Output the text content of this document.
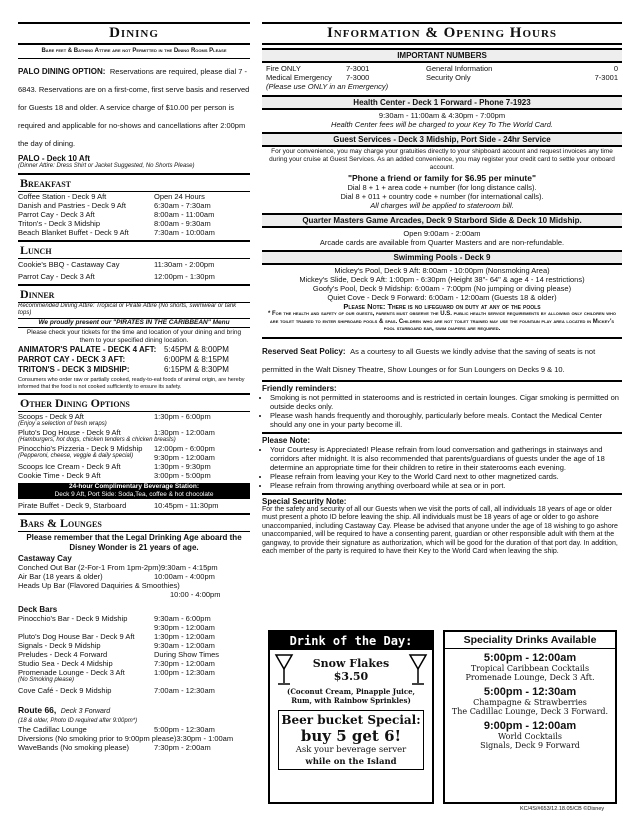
Dining
Bare feet & Bathing Attire are not Permitted in the Dining Rooms Please
PALO DINING OPTION: Reservations are required, please dial 7 - 6843. Reservations are on a first-come, first serve basis and reserved for Guests 18 and older. A service charge of $10.00 per person is required and applicable for no-shows and cancellations after 2:00pm the day of dining.
PALO - Deck 10 Aft
(Dinner Attire: Dress Shirt or Jacket Suggested, No Shorts Please)
Breakfast
Coffee Station - Deck 9 Aft	Open 24 Hours
Danish and Pastries - Deck 9 Aft	6:30am - 7:30am
Parrot Cay - Deck 3 Aft	8:00am - 11:00am
Triton's - Deck 3 Midship	8:00am - 9:30am
Beach Blanket Buffet - Deck 9 Aft	7:30am - 10:00am
Lunch
Cookie's BBQ - Castaway Cay	11:30am - 2:00pm
Parrot Cay - Deck 3 Aft	12:00pm - 1:30pm
Dinner
Recommended Dining Attire: Tropical or Pirate Attire (No shorts, swimwear or tank tops)
We proudly present our "PIRATES IN THE CARIBBEAN" Menu
Please check your tickets for the time and location of your dining and bring them to your specified dining location.
ANIMATOR'S PALATE - DECK 4 AFT: 5:45PM & 8:00PM
PARROT CAY - DECK 3 AFT:	6:00PM & 8:15PM
TRITON'S - DECK 3 MIDSHIP:	6:15PM & 8:30PM
Consumers who order raw or partially cooked, ready-to-eat foods of animal origin, are hereby informed that the food is not cooked sufficiently to ensure its safety.
Other Dining Options
Scoops - Deck 9 Aft	1:30pm - 6:00pm
(Enjoy a selection of fresh wraps)
Pluto's Dog House - Deck 9 Aft	1:30pm - 12:00am
(Hamburgers, hot dogs, chicken tenders & chicken breasts)
Pinocchio's Pizzeria - Deck 9 Midship	12:00pm - 6:00pm
(Pepperoni, cheese, veggie & daily special)	9:30pm - 12:00am
Scoops Ice Cream - Deck 9 Aft	1:30pm - 9:30pm
Cookie Time - Deck 9 Aft	3:00pm - 5:00pm
24-hour Complimentary Beverage Station:
Deck 9 Aft, Port Side: Soda,Tea, coffee & hot chocolate
Pirate Buffet - Deck 9, Starboard	10:45pm - 11:30pm
Bars & Lounges
Please remember that the Legal Drinking Age aboard the Disney Wonder is 21 years of age.
Castaway Cay
Conched Out Bar (2-For-1 From 1pm-2pm) 9:30am - 4:15pm
Air Bar (18 years & older)	10:00am - 4:00pm
Heads Up Bar (Flavored Daquiries & Smoothies)
10:00 - 4:00pm
Deck Bars
Pinocchio's Bar - Deck 9 Midship	9:30am - 6:00pm
9:30pm - 12:00am
Pluto's Dog House Bar - Deck 9 Aft	1:30pm - 12:00am
Signals - Deck 9 Midship	9:30am - 12:00am
Preludes - Deck 4 Forward	During Show Times
Studio Sea - Deck 4 Midship	7:30pm - 12:00am
Promenade Lounge - Deck 3 Aft	1:00pm - 12:30am
(No Smoking please)
Cove Café - Deck 9 Midship	7:00am - 12:30am
Route 66, Deck 3 Forward
(18 & older, Photo ID required after 9:00pm*)
The Cadillac Lounge	5:00pm - 12:30am
Diversions (No smoking prior to 9:00pm please) 3:30pm - 1:00am
WaveBands (No smoking please)	7:30pm - 2:00am
Information & Opening Hours
IMPORTANT NUMBERS
Fire ONLY	7-3001	General Information	0
Medical Emergency	7-3000	Security Only	7-3001
(Please use ONLY in an Emergency)
Health Center - Deck 1 Forward - Phone 7-1923
9:30am - 11:00am & 4:30pm - 7:00pm
Health Center fees will be charged to your Key To The World Card.
Guest Services - Deck 3 Midship, Port Side - 24hr Service
For your convenience, you may charge your gratuities directly to your shipboard account and request invoices any time during your cruise at Guest Services. As an added convenience, you may register your credit card to settle your onboard account.
"Phone a friend or family for $6.95 per minute"
Dial 8 + 1 + area code + number (for long distance calls).
Dial 8 + 011 + country code + number (for international calls).
All charges will be applied to stateroom bill.
Quarter Masters Game Arcades, Deck 9 Starbord Side & Deck 10 Midship.
Open 9:00am - 2:00am
Arcade cards are available from Quarter Masters and are non-refundable.
Swimming Pools - Deck 9
Mickey's Pool, Deck 9 Aft: 8:00am - 10:00pm (Nonsmoking Area)
Mickey's Slide, Deck 9 Aft: 1:00pm - 6:30pm (Height 38"- 64" & age 4 - 14 restrictions)
Goofy's Pool, Deck 9 Midship: 6:00am - 7:00pm (No jumping or diving please)
Quiet Cove - Deck 9 Forward: 6:00am - 12:00am (Guests 18 & older)
Please Note: There is no lifeguard on duty at any of the pools
* For the health and safety of our guests, parents must observe the U.S. public health service requirements by allowing only children who are toilet trained to enter shipboard pools & spas. Children who are not toilet trained may use the fountain play area located in Mickey's pool starboard ear, swim diapers are required.
Reserved Seat Policy: As a courtesy to all Guests we kindly advise that the saving of seats is not permitted in the Walt Disney Theatre, Show Lounges or for Sun Loungers on Decks 9 & 10.
Friendly reminders:
• Smoking is not permitted in staterooms and is restricted in certain lounges. Cigar smoking is permitted on outside decks only.
• Please wash hands frequently and thoroughly, particularly before meals. Contact the Medical Center should any one in your party become ill.
Please Note:
• Your Courtesy is Appreciated! Please refrain from loud conversation and gatherings in stairways and corridors after midnight. It is also recommended that parents/guardians of guests under the age of 18 determine an appropriate time for their children to retire in their staterooms each evening.
• Please refrain from leaving your Key to the World Card next to other magnetized cards.
• Please refrain from throwing anything overboard while at sea or in port.
Special Security Note:
For the safety and security of all our Guests when we visit the ports of call, all individuals 18 years of age or older must present a photo ID before leaving the ship. All individuals must be 18 years of age or older to go ashore unaccompanied, including Castaway Cay. Please be advised that anyone under the age of 18 wishing to go ashore unaccompanied, will be required to have a consenting parent, guardian or other responsible adult with them at the gangway, to provide their signature as authorization, which will be good for the duration of that port day. In addition, each member of the party is required to have their Key to the World Card when leaving the ship.
Drink of the Day:
Snow Flakes $3.50
(Coconut Cream, Pinapple Juice, Rum, with Rainbow Sprinkles)
Beer bucket Special:
buy 5 get 6!
Ask your beverage server
while on the Island
Speciality Drinks Available
5:00pm - 12:00am
Tropical Caribbean Cocktails
Promenade Lounge, Deck 3 Aft.
5:00pm - 12:30am
Champagne & Strawberries
The Cadillac Lounge, Deck 3 Forward.
9:00pm - 12:00am
World Cocktails
Signals, Deck 9 Forward
KC/4S/#653/12.18.05/CB ©Disney
